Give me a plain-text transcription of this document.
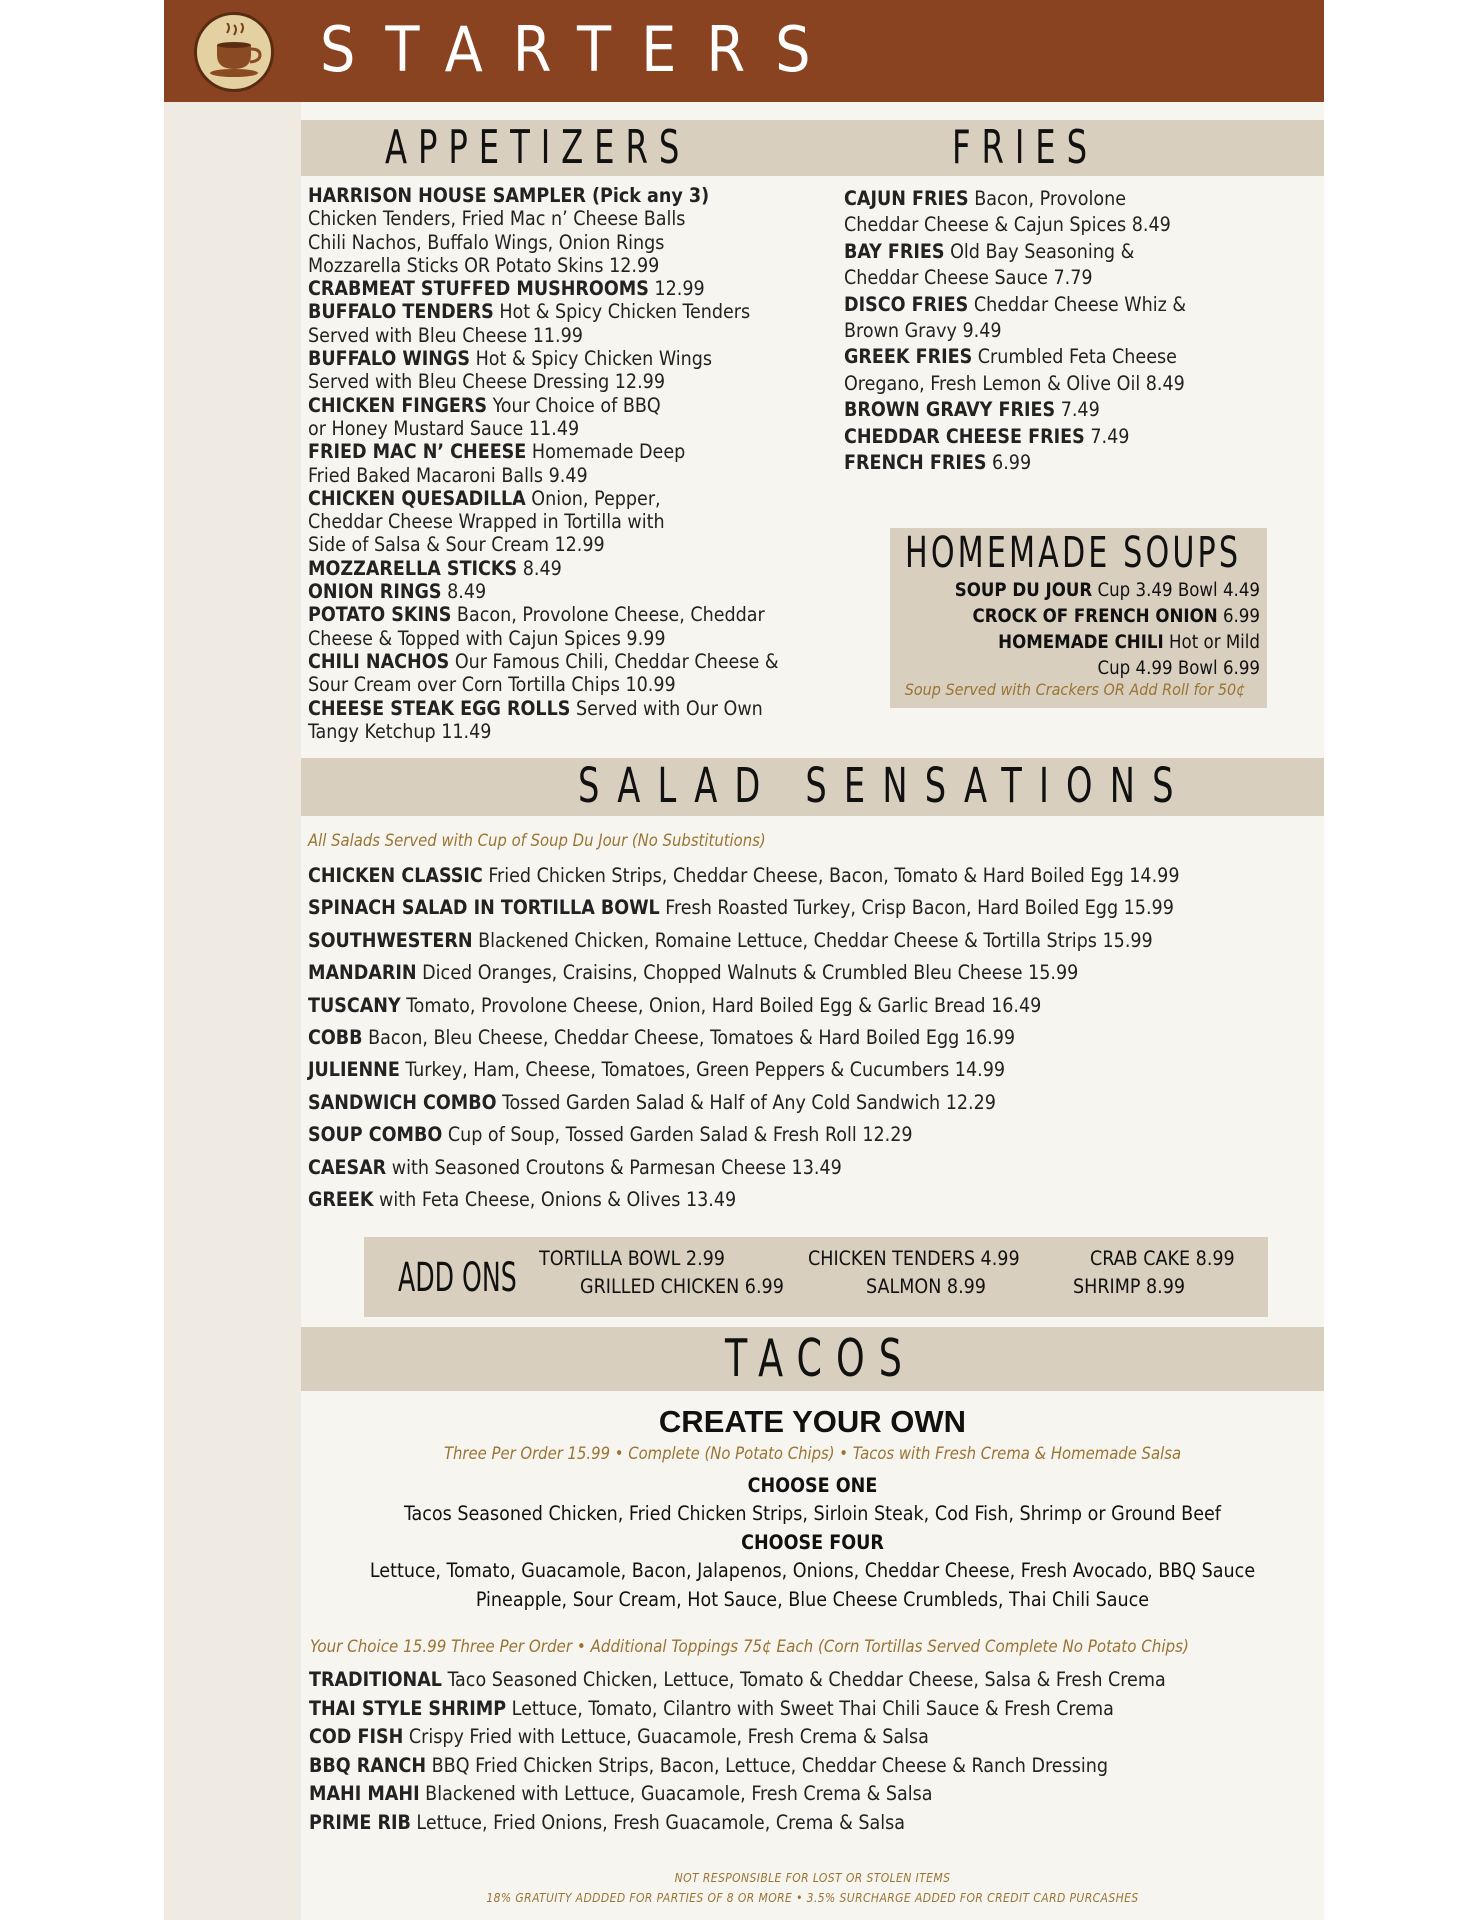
STARTERS
APPETIZERS	FRIES
HARRISON HOUSE SAMPLER (Pick any 3)
Chicken Tenders, Fried Mac n’ Cheese Balls
Chili Nachos, Buffalo Wings, Onion Rings
Mozzarella Sticks OR Potato Skins 12.99
CRABMEAT STUFFED MUSHROOMS 12.99
BUFFALO TENDERS Hot & Spicy Chicken Tenders
Served with Bleu Cheese 11.99
BUFFALO WINGS Hot & Spicy Chicken Wings
Served with Bleu Cheese Dressing 12.99
CHICKEN FINGERS Your Choice of BBQ
or Honey Mustard Sauce 11.49
FRIED MAC N’ CHEESE Homemade Deep
Fried Baked Macaroni Balls 9.49
CHICKEN QUESADILLA Onion, Pepper,
Cheddar Cheese Wrapped in Tortilla with
Side of Salsa & Sour Cream 12.99
MOZZARELLA STICKS 8.49
ONION RINGS 8.49
POTATO SKINS Bacon, Provolone Cheese, Cheddar
Cheese & Topped with Cajun Spices 9.99
CHILI NACHOS Our Famous Chili, Cheddar Cheese &
Sour Cream over Corn Tortilla Chips 10.99
CHEESE STEAK EGG ROLLS Served with Our Own
Tangy Ketchup 11.49
CAJUN FRIES Bacon, Provolone
Cheddar Cheese & Cajun Spices 8.49
BAY FRIES Old Bay Seasoning &
Cheddar Cheese Sauce 7.79
DISCO FRIES Cheddar Cheese Whiz &
Brown Gravy 9.49
GREEK FRIES Crumbled Feta Cheese
Oregano, Fresh Lemon & Olive Oil 8.49
BROWN GRAVY FRIES 7.49
CHEDDAR CHEESE FRIES 7.49
FRENCH FRIES 6.99
HOMEMADE SOUPS
SOUP DU JOUR Cup 3.49 Bowl 4.49
CROCK OF FRENCH ONION 6.99
HOMEMADE CHILI Hot or Mild
Cup 4.99 Bowl 6.99
Soup Served with Crackers OR Add Roll for 50¢
SALAD SENSATIONS
All Salads Served with Cup of Soup Du Jour (No Substitutions)
CHICKEN CLASSIC Fried Chicken Strips, Cheddar Cheese, Bacon, Tomato & Hard Boiled Egg 14.99
SPINACH SALAD IN TORTILLA BOWL Fresh Roasted Turkey, Crisp Bacon, Hard Boiled Egg 15.99
SOUTHWESTERN Blackened Chicken, Romaine Lettuce, Cheddar Cheese & Tortilla Strips 15.99
MANDARIN Diced Oranges, Craisins, Chopped Walnuts & Crumbled Bleu Cheese 15.99
TUSCANY Tomato, Provolone Cheese, Onion, Hard Boiled Egg & Garlic Bread 16.49
COBB Bacon, Bleu Cheese, Cheddar Cheese, Tomatoes & Hard Boiled Egg 16.99
JULIENNE Turkey, Ham, Cheese, Tomatoes, Green Peppers & Cucumbers 14.99
SANDWICH COMBO Tossed Garden Salad & Half of Any Cold Sandwich 12.29
SOUP COMBO Cup of Soup, Tossed Garden Salad & Fresh Roll 12.29
CAESAR with Seasoned Croutons & Parmesan Cheese 13.49
GREEK with Feta Cheese, Onions & Olives 13.49
ADD ONS TORTILLA BOWL 2.99	CHICKEN TENDERS 4.99	CRAB CAKE 8.99
GRILLED CHICKEN 6.99	SALMON 8.99	SHRIMP 8.99
TACOS
CREATE YOUR OWN
Three Per Order 15.99 • Complete (No Potato Chips) • Tacos with Fresh Crema & Homemade Salsa
CHOOSE ONE
Tacos Seasoned Chicken, Fried Chicken Strips, Sirloin Steak, Cod Fish, Shrimp or Ground Beef
CHOOSE FOUR
Lettuce, Tomato, Guacamole, Bacon, Jalapenos, Onions, Cheddar Cheese, Fresh Avocado, BBQ Sauce
Pineapple, Sour Cream, Hot Sauce, Blue Cheese Crumbleds, Thai Chili Sauce
Your Choice 15.99 Three Per Order • Additional Toppings 75¢ Each (Corn Tortillas Served Complete No Potato Chips)
TRADITIONAL Taco Seasoned Chicken, Lettuce, Tomato & Cheddar Cheese, Salsa & Fresh Crema
THAI STYLE SHRIMP Lettuce, Tomato, Cilantro with Sweet Thai Chili Sauce & Fresh Crema
COD FISH Crispy Fried with Lettuce, Guacamole, Fresh Crema & Salsa
BBQ RANCH BBQ Fried Chicken Strips, Bacon, Lettuce, Cheddar Cheese & Ranch Dressing
MAHI MAHI Blackened with Lettuce, Guacamole, Fresh Crema & Salsa
PRIME RIB Lettuce, Fried Onions, Fresh Guacamole, Crema & Salsa
NOT RESPONSIBLE FOR LOST OR STOLEN ITEMS
18% GRATUITY ADDDED FOR PARTIES OF 8 OR MORE • 3.5% SURCHARGE ADDED FOR CREDIT CARD PURCASHES
